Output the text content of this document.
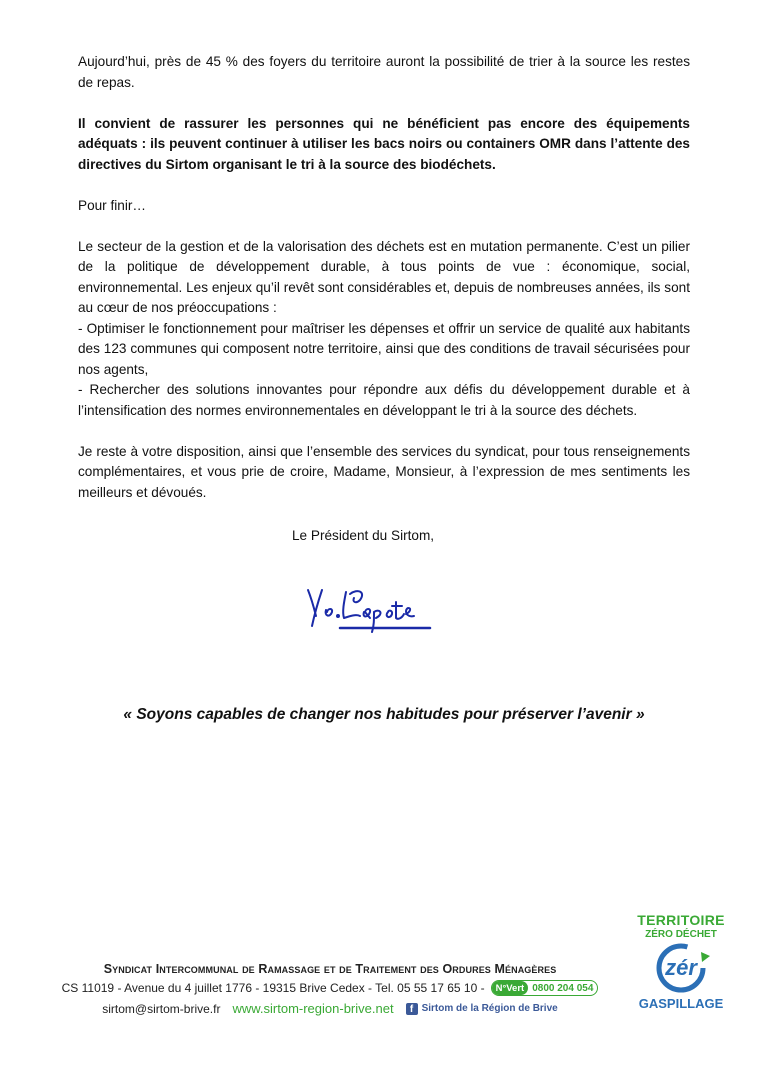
Aujourd’hui, près de 45 % des foyers du territoire auront la possibilité de trier à la source les restes de repas.

Il convient de rassurer les personnes qui ne bénéficient pas encore des équipements adéquats : ils peuvent continuer à utiliser les bacs noirs ou containers OMR dans l’attente des directives du Sirtom organisant le tri à la source des biodéchets.

Pour finir…

Le secteur de la gestion et de la valorisation des déchets est en mutation permanente. C’est un pilier de la politique de développement durable, à tous points de vue : économique, social, environnemental. Les enjeux qu’il revêt sont considérables et, depuis de nombreuses années, ils sont au cœur de nos préoccupations :
- Optimiser le fonctionnement pour maîtriser les dépenses et offrir un service de qualité aux habitants des 123 communes qui composent notre territoire, ainsi que des conditions de travail sécurisées pour nos agents,
- Rechercher des solutions innovantes pour répondre aux défis du développement durable et à l’intensification des normes environnementales en développant le tri à la source des déchets.

Je reste à votre disposition, ainsi que l’ensemble des services du syndicat, pour tous renseignements complémentaires, et vous prie de croire, Madame, Monsieur, à l’expression de mes sentiments les meilleurs et dévoués.

Le Président du Sirtom,
« Soyons capables de changer nos habitudes pour préserver l’avenir »
Syndicat Intercommunal de Ramassage et de Traitement des Ordures Ménagères
CS 11019 - Avenue du 4 juillet 1776 - 19315 Brive Cedex - Tel. 05 55 17 65 10 -	N°Vert 0800 204 054
sirtom@sirtom-brive.fr www.sirtom-region-brive.net	f Sirtom de la Région de Brive
TERRITOIRE
ZÉRO DÉCHET
zér
GASPILLAGE
